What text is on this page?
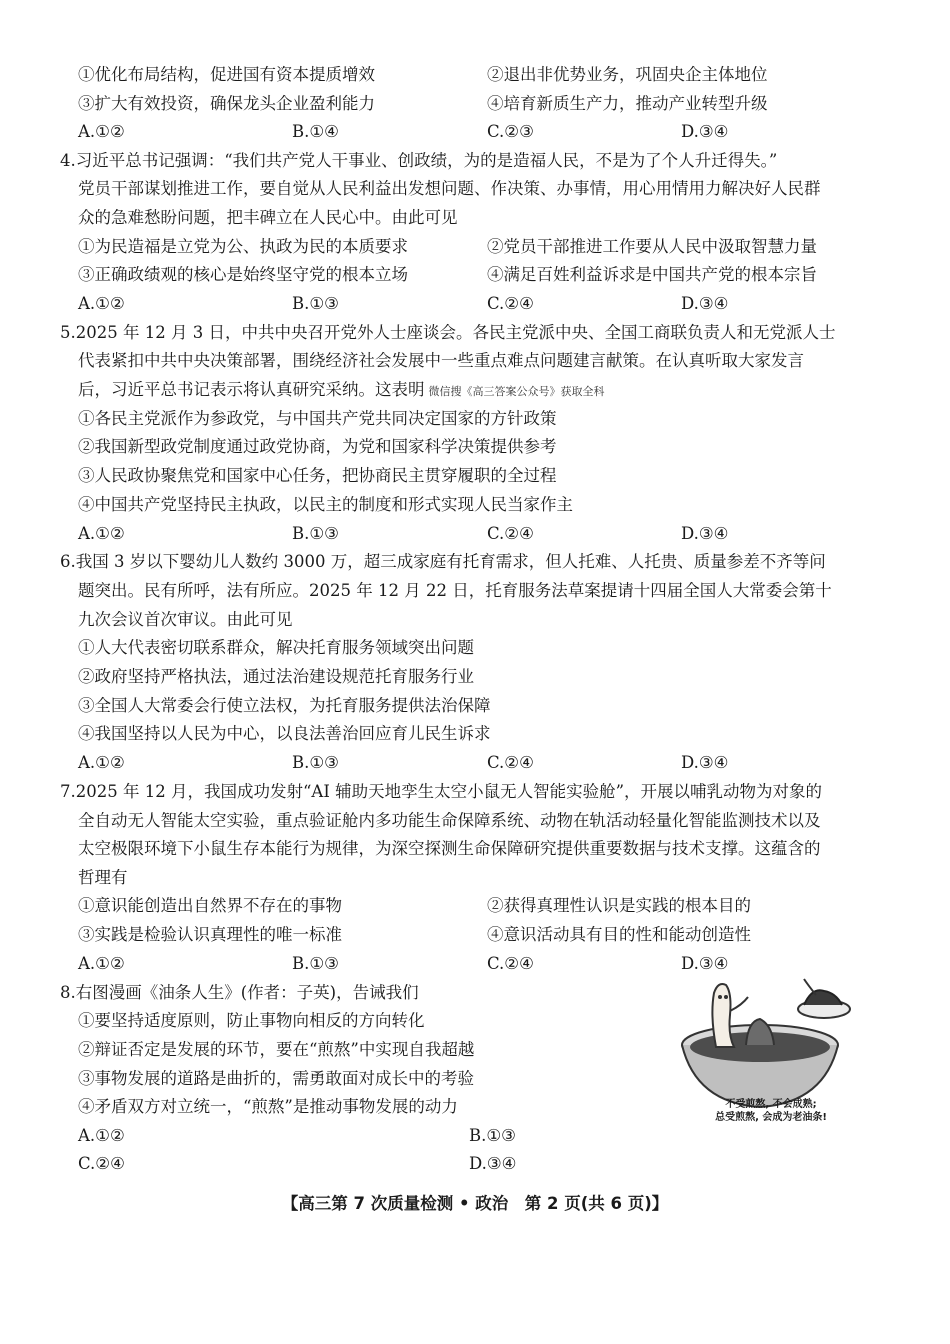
①优化布局结构，促进国有资本提质增效	②退出非优势业务，巩固央企主体地位
③扩大有效投资，确保龙头企业盈利能力	④培育新质生产力，推动产业转型升级
A.①②	B.①④	C.②③	D.③④
4.习近平总书记强调：“我们共产党人干事业、创政绩，为的是造福人民，不是为了个人升迁得失。”
党员干部谋划推进工作，要自觉从人民利益出发想问题、作决策、办事情，用心用情用力解决好人民群
众的急难愁盼问题，把丰碑立在人民心中。由此可见
①为民造福是立党为公、执政为民的本质要求	②党员干部推进工作要从人民中汲取智慧力量
③正确政绩观的核心是始终坚守党的根本立场	④满足百姓利益诉求是中国共产党的根本宗旨
A.①②	B.①③	C.②④	D.③④
5.2025 年 12 月 3 日，中共中央召开党外人士座谈会。各民主党派中央、全国工商联负责人和无党派人士
代表紧扣中共中央决策部署，围绕经济社会发展中一些重点难点问题建言献策。在认真听取大家发言
后，习近平总书记表示将认真研究采纳。这表明 微信搜《高三答案公众号》获取全科
①各民主党派作为参政党，与中国共产党共同决定国家的方针政策
②我国新型政党制度通过政党协商，为党和国家科学决策提供参考
③人民政协聚焦党和国家中心任务，把协商民主贯穿履职的全过程
④中国共产党坚持民主执政，以民主的制度和形式实现人民当家作主
A.①②	B.①③	C.②④	D.③④
6.我国 3 岁以下婴幼儿人数约 3000 万，超三成家庭有托育需求，但人托难、人托贵、质量参差不齐等问
题突出。民有所呼，法有所应。2025 年 12 月 22 日，托育服务法草案提请十四届全国人大常委会第十
九次会议首次审议。由此可见
①人大代表密切联系群众，解决托育服务领域突出问题
②政府坚持严格执法，通过法治建设规范托育服务行业
③全国人大常委会行使立法权，为托育服务提供法治保障
④我国坚持以人民为中心，以良法善治回应育儿民生诉求
A.①②	B.①③	C.②④	D.③④
7.2025 年 12 月，我国成功发射“AI 辅助天地孪生太空小鼠无人智能实验舱”，开展以哺乳动物为对象的
全自动无人智能太空实验，重点验证舱内多功能生命保障系统、动物在轨活动轻量化智能监测技术以及
太空极限环境下小鼠生存本能行为规律，为深空探测生命保障研究提供重要数据与技术支撑。这蕴含的
哲理有
①意识能创造出自然界不存在的事物	②获得真理性认识是实践的根本目的
③实践是检验认识真理性的唯一标准	④意识活动具有目的性和能动创造性
A.①②	B.①③	C.②④	D.③④
8.右图漫画《油条人生》(作者：子英)，告诫我们
①要坚持适度原则，防止事物向相反的方向转化
②辩证否定是发展的环节，要在“煎熬”中实现自我超越
③事物发展的道路是曲折的，需勇敢面对成长中的考验
④矛盾双方对立统一，“煎熬”是推动事物发展的动力
A.①②	B.①③
C.②④	D.③④
不受煎熬, 不会成熟;
总受煎熬, 会成为老油条!
【高三第 7 次质量检测 • 政治　第 2 页(共 6 页)】
